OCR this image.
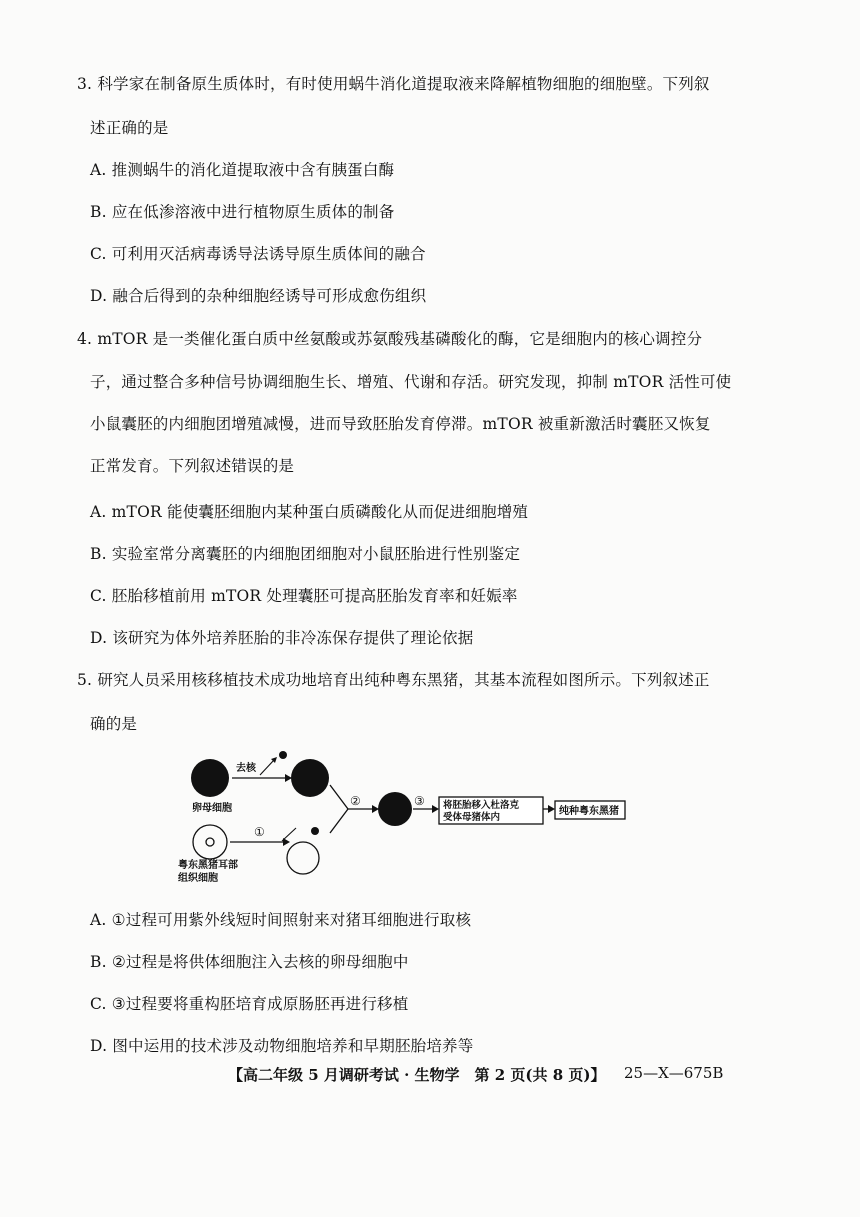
3. 科学家在制备原生质体时，有时使用蜗牛消化道提取液来降解植物细胞的细胞壁。下列叙
述正确的是
A. 推测蜗牛的消化道提取液中含有胰蛋白酶
B. 应在低渗溶液中进行植物原生质体的制备
C. 可利用灭活病毒诱导法诱导原生质体间的融合
D. 融合后得到的杂种细胞经诱导可形成愈伤组织
4. mTOR 是一类催化蛋白质中丝氨酸或苏氨酸残基磷酸化的酶，它是细胞内的核心调控分
子，通过整合多种信号协调细胞生长、增殖、代谢和存活。研究发现，抑制 mTOR 活性可使
小鼠囊胚的内细胞团增殖减慢，进而导致胚胎发育停滞。mTOR 被重新激活时囊胚又恢复
正常发育。下列叙述错误的是
A. mTOR 能使囊胚细胞内某种蛋白质磷酸化从而促进细胞增殖
B. 实验室常分离囊胚的内细胞团细胞对小鼠胚胎进行性别鉴定
C. 胚胎移植前用 mTOR 处理囊胚可提高胚胎发育率和妊娠率
D. 该研究为体外培养胚胎的非冷冻保存提供了理论依据
5. 研究人员采用核移植技术成功地培育出纯种粤东黑猪，其基本流程如图所示。下列叙述正
确的是
卵母细胞
去核
②	③ 将胚胎移入杜洛克
受体母猪体内
纯种粤东黑猪
粤东黑猪耳部
组织细胞
①
A. ①过程可用紫外线短时间照射来对猪耳细胞进行取核
B. ②过程是将供体细胞注入去核的卵母细胞中
C. ③过程要将重构胚培育成原肠胚再进行移植
D. 图中运用的技术涉及动物细胞培养和早期胚胎培养等
【高二年级 5 月调研考试 · 生物学　第 2 页(共 8 页)】 25—X—675B
